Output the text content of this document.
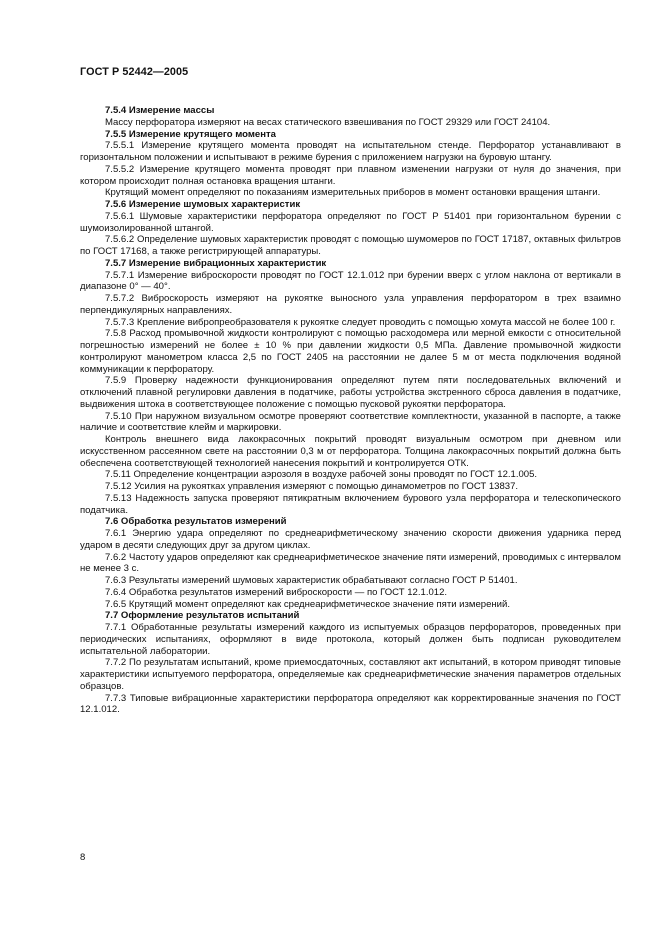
ГОСТ Р 52442—2005

7.5.4 Измерение массы

Массу перфоратора измеряют на весах статического взвешивания по ГОСТ 29329 или ГОСТ 24104.

7.5.5 Измерение крутящего момента

7.5.5.1 Измерение крутящего момента проводят на испытательном стенде. Перфоратор устанавливают в горизонтальном положении и испытывают в режиме бурения с приложением нагрузки на буровую штангу.

7.5.5.2 Измерение крутящего момента проводят при плавном изменении нагрузки от нуля до значения, при котором происходит полная остановка вращения штанги.

Крутящий момент определяют по показаниям измерительных приборов в момент остановки вращения штанги.

7.5.6 Измерение шумовых характеристик

7.5.6.1 Шумовые характеристики перфоратора определяют по ГОСТ Р 51401 при горизонтальном бурении с шумоизолированной штангой.

7.5.6.2 Определение шумовых характеристик проводят с помощью шумомеров по ГОСТ 17187, октавных фильтров по ГОСТ 17168, а также регистрирующей аппаратуры.

7.5.7 Измерение вибрационных характеристик

7.5.7.1 Измерение виброскорости проводят по ГОСТ 12.1.012 при бурении вверх с углом наклона от вертикали в диапазоне 0° — 40°.

7.5.7.2 Виброскорость измеряют на рукоятке выносного узла управления перфоратором в трех взаимно перпендикулярных направлениях.

7.5.7.3 Крепление вибропреобразователя к рукоятке следует проводить с помощью хомута массой не более 100 г.

7.5.8 Расход промывочной жидкости контролируют с помощью расходомера или мерной емкости с относительной погрешностью измерений не более ± 10 % при давлении жидкости 0,5 МПа. Давление промывочной жидкости контролируют манометром класса 2,5 по ГОСТ 2405 на расстоянии не далее 5 м от места подключения водяной коммуникации к перфоратору.

7.5.9 Проверку надежности функционирования определяют путем пяти последовательных включений и отключений плавной регулировки давления в податчике, работы устройства экстренного сброса давления в податчике, выдвижения штока в соответствующее положение с помощью пусковой рукоятки перфоратора.

7.5.10 При наружном визуальном осмотре проверяют соответствие комплектности, указанной в паспорте, а также наличие и соответствие клейм и маркировки.

Контроль внешнего вида лакокрасочных покрытий проводят визуальным осмотром при дневном или искусственном рассеянном свете на расстоянии 0,3 м от перфоратора. Толщина лакокрасочных покрытий должна быть обеспечена соответствующей технологией нанесения покрытий и контролируется ОТК.

7.5.11 Определение концентрации аэрозоля в воздухе рабочей зоны проводят по ГОСТ 12.1.005.

7.5.12 Усилия на рукоятках управления измеряют с помощью динамометров по ГОСТ 13837.

7.5.13 Надежность запуска проверяют пятикратным включением бурового узла перфоратора и телескопического податчика.

7.6 Обработка результатов измерений

7.6.1 Энергию удара определяют по среднеарифметическому значению скорости движения ударника перед ударом в десяти следующих друг за другом циклах.

7.6.2 Частоту ударов определяют как среднеарифметическое значение пяти измерений, проводимых с интервалом не менее 3 с.

7.6.3 Результаты измерений шумовых характеристик обрабатывают согласно ГОСТ Р 51401.

7.6.4 Обработка результатов измерений виброскорости — по ГОСТ 12.1.012.

7.6.5 Крутящий момент определяют как среднеарифметическое значение пяти измерений.

7.7 Оформление результатов испытаний

7.7.1 Обработанные результаты измерений каждого из испытуемых образцов перфораторов, проведенных при периодических испытаниях, оформляют в виде протокола, который должен быть подписан руководителем испытательной лаборатории.

7.7.2 По результатам испытаний, кроме приемосдаточных, составляют акт испытаний, в котором приводят типовые характеристики испытуемого перфоратора, определяемые как среднеарифметические значения параметров отдельных образцов.

7.7.3 Типовые вибрационные характеристики перфоратора определяют как корректированные значения по ГОСТ 12.1.012.

8
